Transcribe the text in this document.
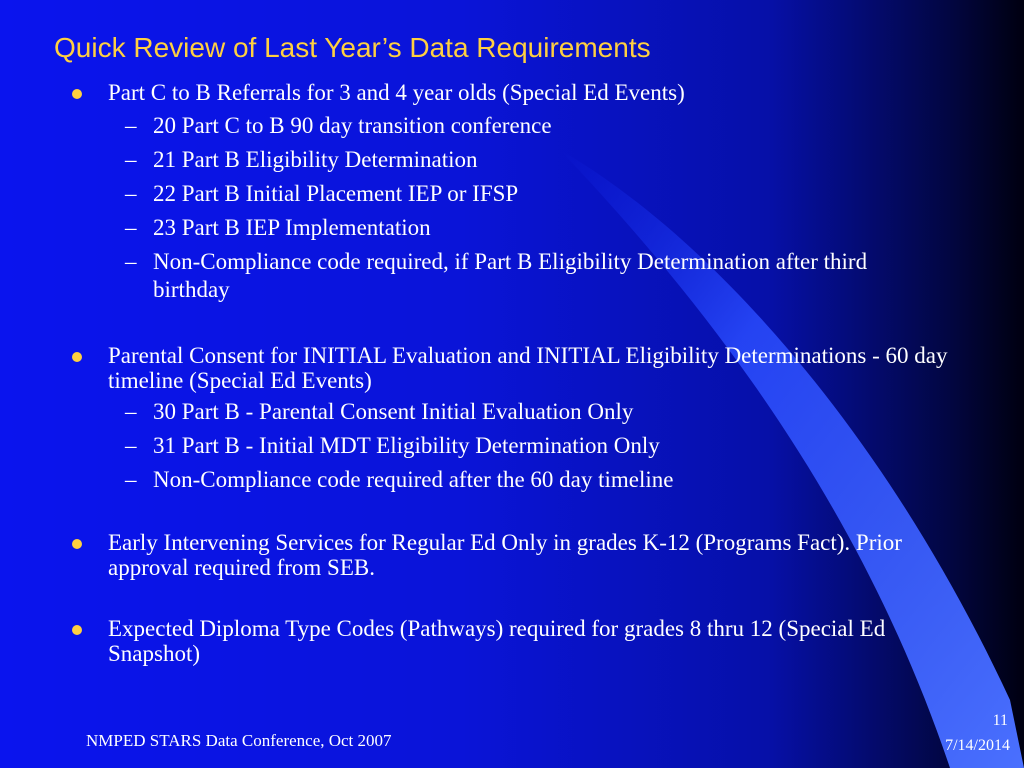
Quick Review of Last Year’s Data Requirements
Part C to B Referrals for 3 and 4 year olds (Special Ed Events)
– 20 Part C to B 90 day transition conference
– 21 Part B Eligibility Determination
– 22 Part B Initial Placement IEP or IFSP
– 23 Part B IEP Implementation
– Non-Compliance code required, if Part B Eligibility Determination after third birthday
Parental Consent for INITIAL Evaluation and INITIAL Eligibility Determinations - 60 day timeline (Special Ed Events)
– 30 Part B - Parental Consent Initial Evaluation Only
– 31 Part B - Initial MDT Eligibility Determination Only
– Non-Compliance code required after the 60 day timeline
Early Intervening Services for Regular Ed Only in grades K-12 (Programs Fact). Prior approval required from SEB.
Expected Diploma Type Codes (Pathways) required for grades 8 thru 12 (Special Ed Snapshot)
NMPED STARS Data Conference, Oct 2007
11
7/14/2014
